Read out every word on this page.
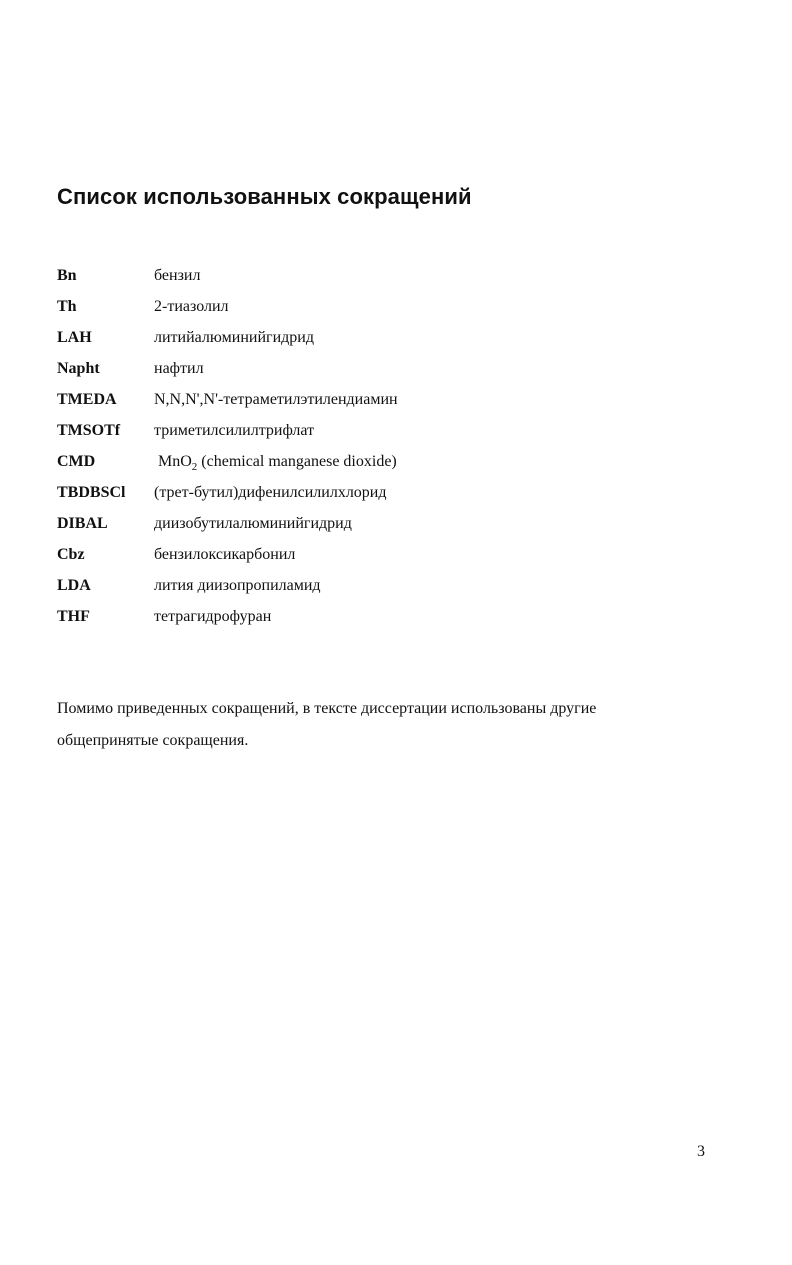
Список использованных сокращений
Bn	бензил
Th	2-тиазолил
LAH	литийалюминийгидрид
Napht	нафтил
TMEDA	N,N,N',N'-тетраметилэтилендиамин
TMSOTf	триметилсилилтрифлат
CMD	MnO$_2$ (chemical manganese dioxide)
TBDBSCl	(трет-бутил)дифенилсилилхлорид
DIBAL	диизобутилалюминийгидрид
Cbz	бензилоксикарбонил
LDA	лития диизопропиламид
THF	тетрагидрофуран

Помимо приведенных сокращений, в тексте диссертации использованы другие общепринятые сокращения.

3
